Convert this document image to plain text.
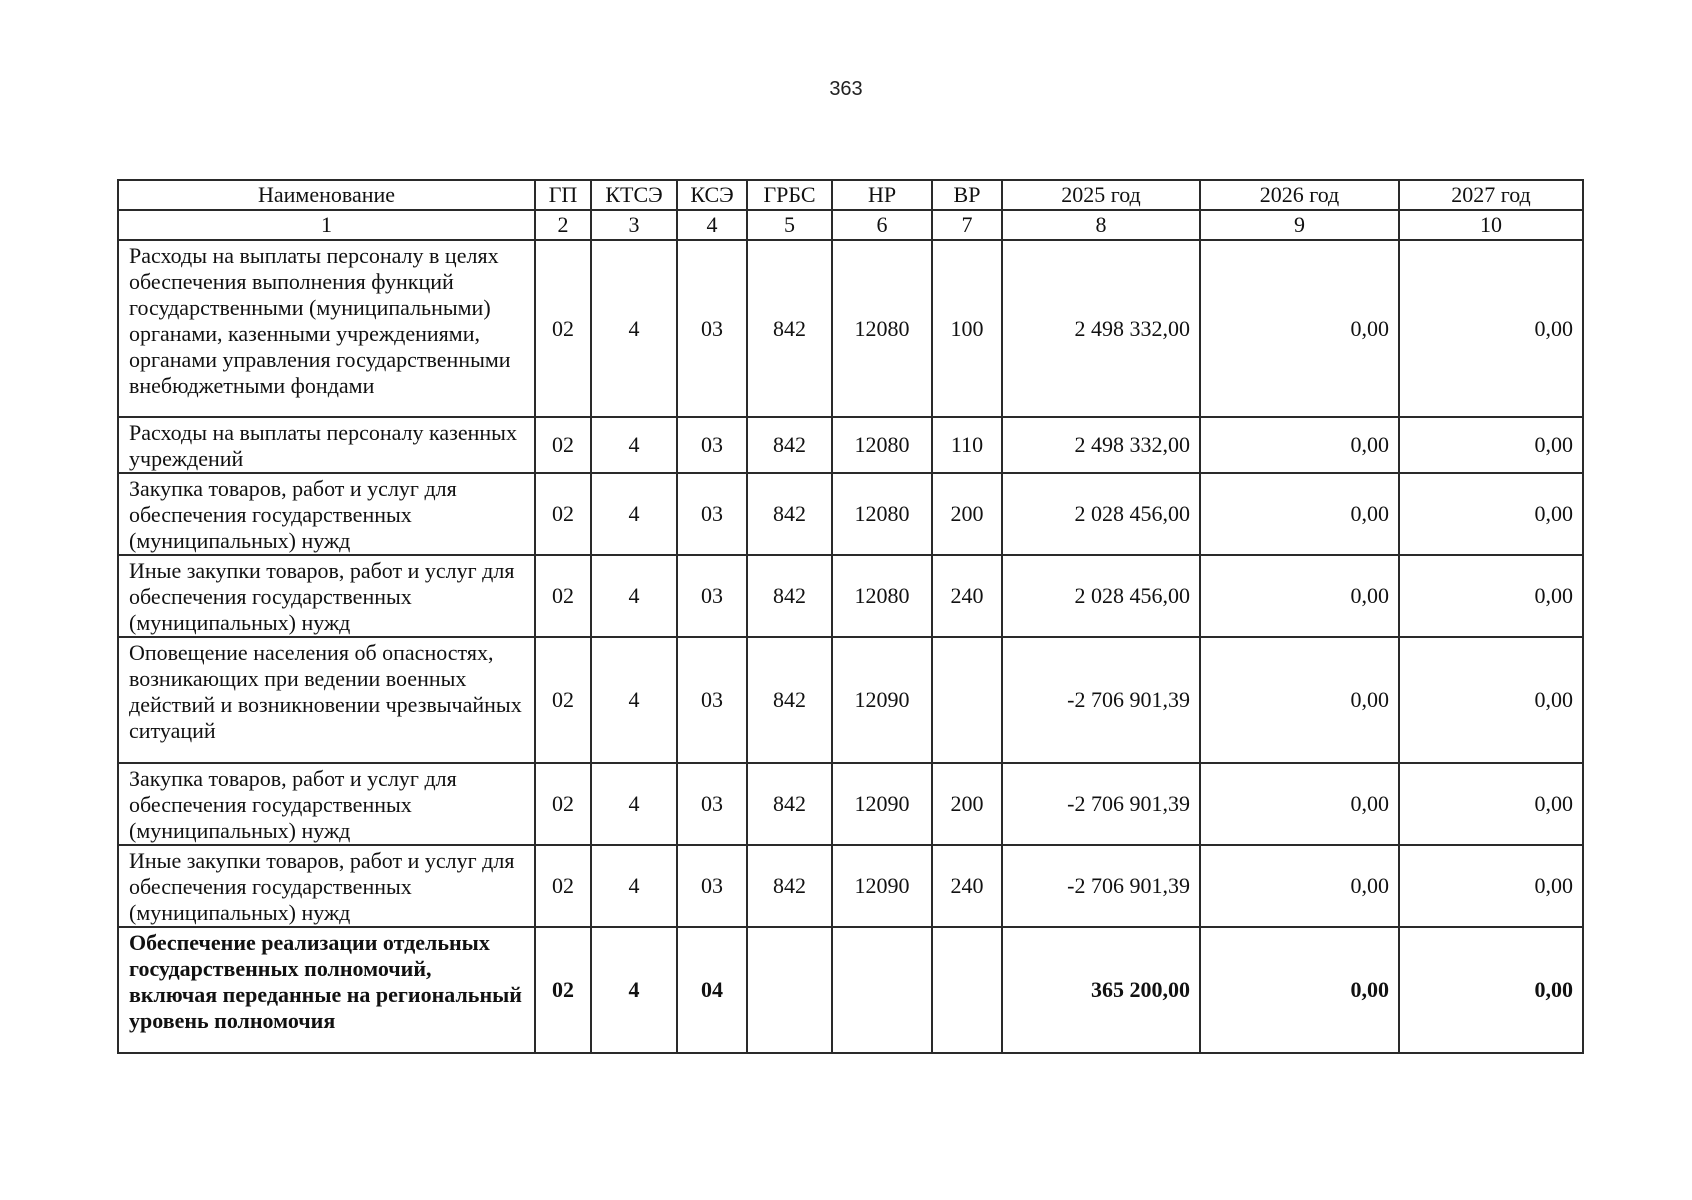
363
Наименование	ГП	КТСЭ	КСЭ	ГРБС	НР	ВР	2025 год	2026 год	2027 год
1	2	3	4	5	6	7	8	9	10
Расходы на выплаты персоналу в целях обеспечения выполнения функций государственными (муниципальными) органами, казенными учреждениями, органами управления государственными внебюджетными фондами	02	4	03	842	12080	100	2 498 332,00	0,00	0,00
Расходы на выплаты персоналу казенных учреждений	02	4	03	842	12080	110	2 498 332,00	0,00	0,00
Закупка товаров, работ и услуг для обеспечения государственных (муниципальных) нужд	02	4	03	842	12080	200	2 028 456,00	0,00	0,00
Иные закупки товаров, работ и услуг для обеспечения государственных (муниципальных) нужд	02	4	03	842	12080	240	2 028 456,00	0,00	0,00
Оповещение населения об опасностях, возникающих при ведении военных действий и возникновении чрезвычайных ситуаций	02	4	03	842	12090		-2 706 901,39	0,00	0,00
Закупка товаров, работ и услуг для обеспечения государственных (муниципальных) нужд	02	4	03	842	12090	200	-2 706 901,39	0,00	0,00
Иные закупки товаров, работ и услуг для обеспечения государственных (муниципальных) нужд	02	4	03	842	12090	240	-2 706 901,39	0,00	0,00
Обеспечение реализации отдельных государственных полномочий, включая переданные на региональный уровень полномочия	02	4	04				365 200,00	0,00	0,00
